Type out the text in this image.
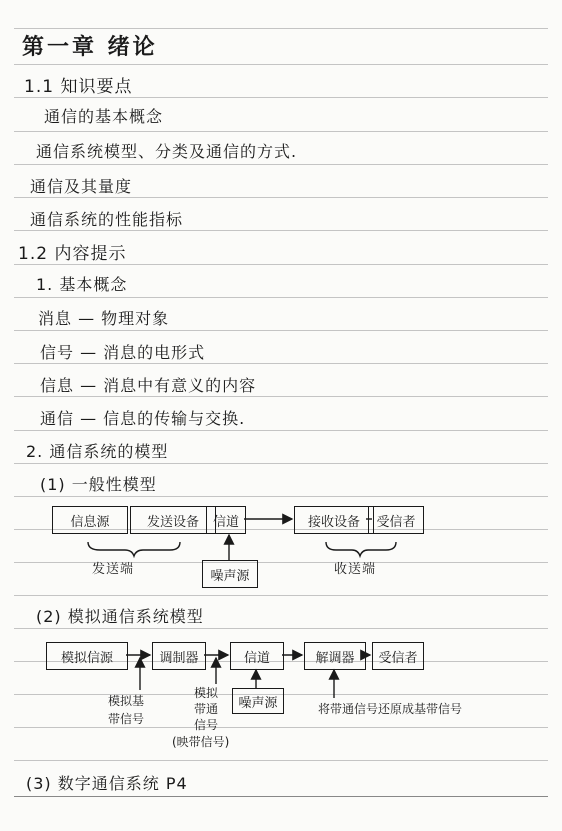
第一章 绪论
1.1 知识要点
通信的基本概念
通信系统模型、分类及通信的方式.
通信及其量度
通信系统的性能指标
1.2 内容提示
1. 基本概念
消息 — 物理对象
信号 — 消息的电形式
信息 — 消息中有意义的内容
通信 — 信息的传输与交换.
2. 通信系统的模型
(1) 一般性模型
信息源	发送设备	信道	接收设备	受信者
噪声源
发送端	收送端
(2) 模拟通信系统模型
模拟信源	调制器	信道	解调器	受信者
噪声源
模拟基
带信号
模拟
带通
信号
(映带信号)
将带通信号还原成基带信号
(3) 数字通信系统 P4
